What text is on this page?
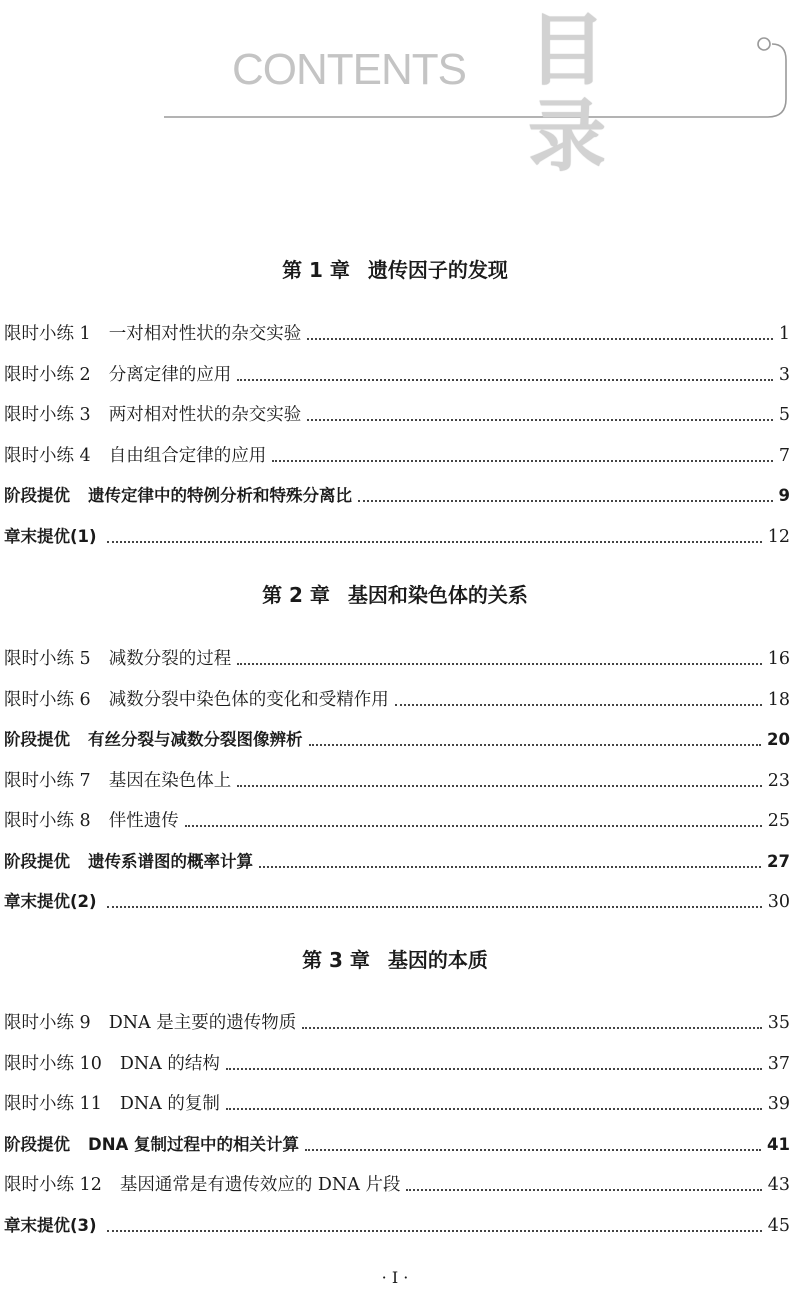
CONTENTS 目 录
第 1 章 遗传因子的发现
限时小练 1 一对相对性状的杂交实验	1
限时小练 2 分离定律的应用	3
限时小练 3 两对相对性状的杂交实验	5
限时小练 4 自由组合定律的应用	7
阶段提优 遗传定律中的特例分析和特殊分离比	9
章末提优(1)	12
第 2 章 基因和染色体的关系
限时小练 5 减数分裂的过程	16
限时小练 6 减数分裂中染色体的变化和受精作用	18
阶段提优 有丝分裂与减数分裂图像辨析	20
限时小练 7 基因在染色体上	23
限时小练 8 伴性遗传	25
阶段提优 遗传系谱图的概率计算	27
章末提优(2)	30
第 3 章 基因的本质
限时小练 9 DNA 是主要的遗传物质	35
限时小练 10 DNA 的结构	37
限时小练 11 DNA 的复制	39
阶段提优 DNA 复制过程中的相关计算	41
限时小练 12 基因通常是有遗传效应的 DNA 片段	43
章末提优(3)	45
· I ·
